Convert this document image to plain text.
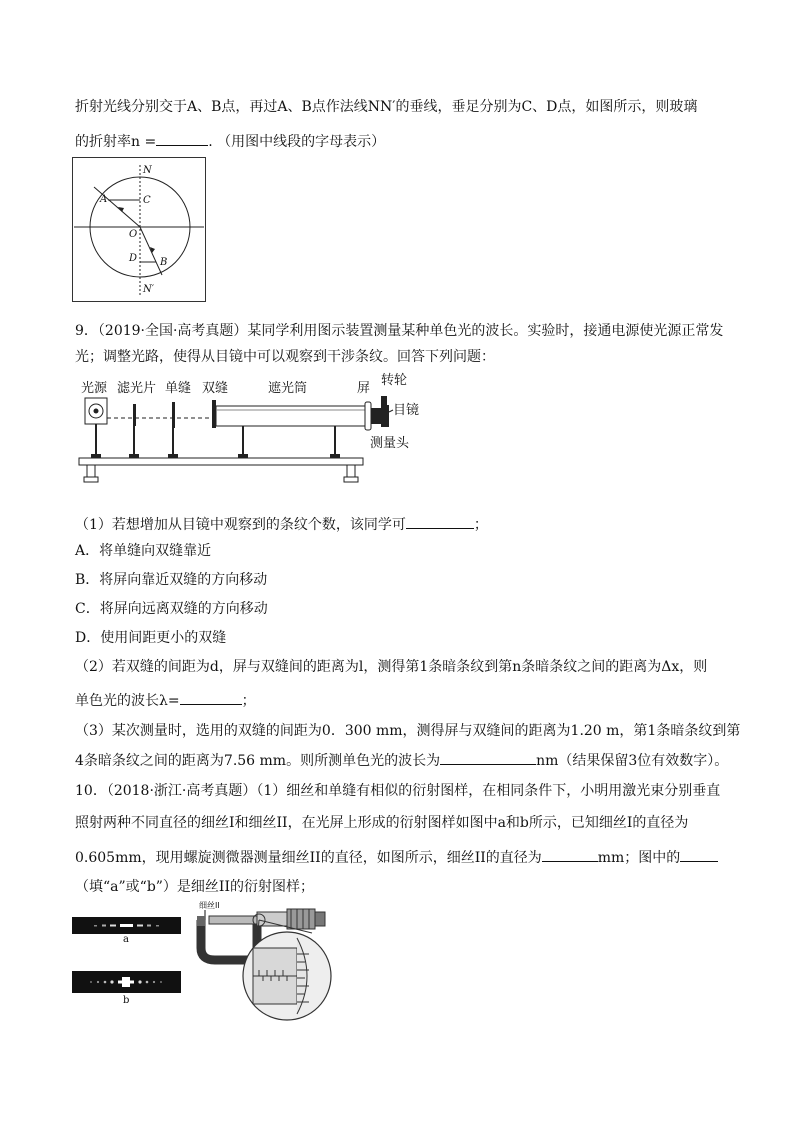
折射光线分别交于A、B点，再过A、B点作法线NN′的垂线，垂足分别为C、D点，如图所示，则玻璃
的折射率n =	. （用图中线段的字母表示）
N
A	C
O
D B
N′
9．（2019·全国·高考真题）某同学利用图示装置测量某种单色光的波长。实验时，接通电源使光源正常发
光；调整光路，使得从目镜中可以观察到干涉条纹。回答下列问题：
光源 滤光片 单缝 双缝	遮光筒	屏
转轮
目镜
测量头
（1）若想增加从目镜中观察到的条纹个数，该同学可	；
A．将单缝向双缝靠近
B．将屏向靠近双缝的方向移动
C．将屏向远离双缝的方向移动
D．使用间距更小的双缝
（2）若双缝的间距为d，屏与双缝间的距离为l，测得第1条暗条纹到第n条暗条纹之间的距离为Δx，则
单色光的波长λ=	；
（3）某次测量时，选用的双缝的间距为0．300 mm，测得屏与双缝间的距离为1.20 m，第1条暗条纹到第
4条暗条纹之间的距离为7.56 mm。则所测单色光的波长为	nm（结果保留3位有效数字）。
10．（2018·浙江·高考真题）（1）细丝和单缝有相似的衍射图样，在相同条件下，小明用激光束分别垂直
照射两种不同直径的细丝I和细丝II，在光屏上形成的衍射图样如图中a和b所示，已知细丝I的直径为
0.605mm，现用螺旋测微器测量细丝II的直径，如图所示，细丝II的直径为	mm；图中的
（填“a”或“b”）是细丝II的衍射图样；
a
b
细丝II
